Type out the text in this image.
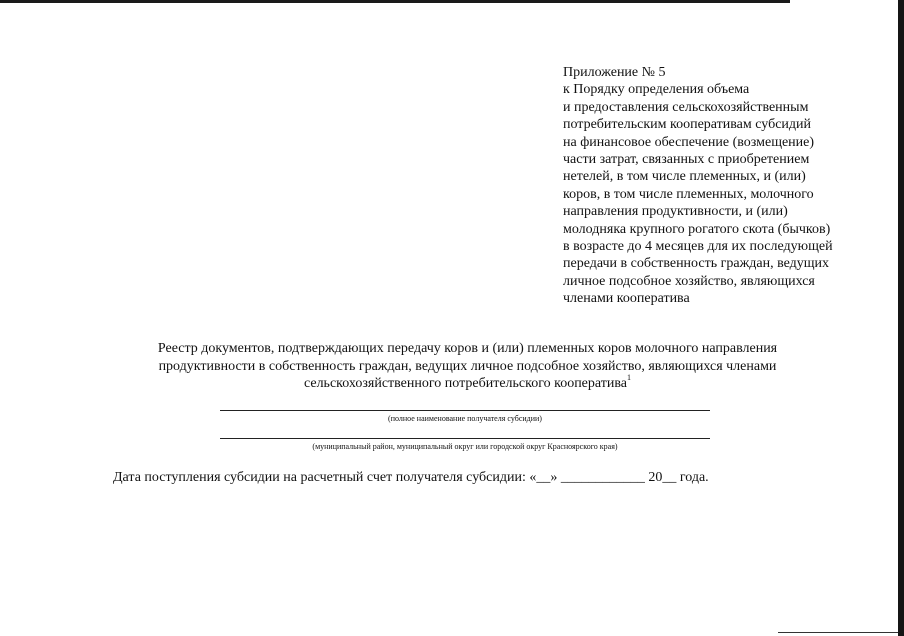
Приложение № 5
к Порядку определения объема
и предоставления сельскохозяйственным
потребительским кооперативам субсидий
на финансовое обеспечение (возмещение)
части затрат, связанных с приобретением
нетелей, в том числе племенных, и (или)
коров, в том числе племенных, молочного
направления продуктивности, и (или)
молодняка крупного рогатого скота (бычков)
в возрасте до 4 месяцев для их последующей
передачи в собственность граждан, ведущих
личное подсобное хозяйство, являющихся
членами кооператива
Реестр документов, подтверждающих передачу коров и (или) племенных коров молочного направления
продуктивности в собственность граждан, ведущих личное подсобное хозяйство, являющихся членами
сельскохозяйственного потребительского кооператива$^1$
(полное наименование получателя субсидии)
(муниципальный район, муниципальный округ или городской округ Красноярского края)
Дата поступления субсидии на расчетный счет получателя субсидии: «__» ____________ 20__ года.
